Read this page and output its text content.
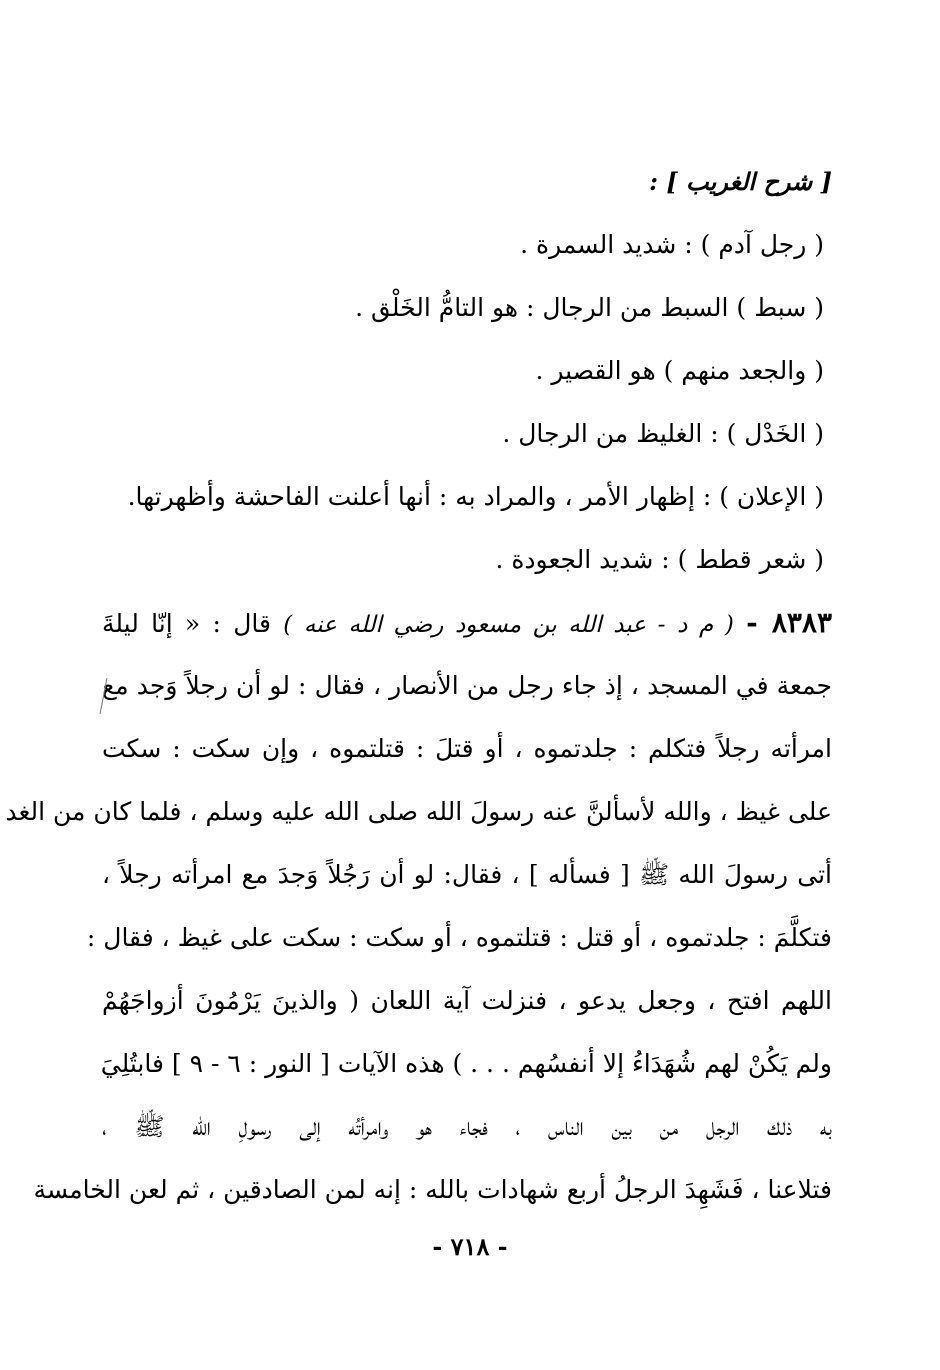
[ شرح الغريب ] :
( رجل آدم ) : شديد السمرة .
( سبط ) السبط من الرجال : هو التامُّ الخَلْق .
( والجعد منهم ) هو القصير .
( الخَدْل ) : الغليظ من الرجال .
( الإعلان ) : إظهار الأمر ، والمراد به : أنها أعلنت الفاحشة وأظهرتها.
( شعر قطط ) : شديد الجعودة .
٨٣٨٣ - ( م د - عبد الله بن مسعود رضي الله عنه ) قال : « إنّا ليلةَ
جمعة في المسجد ، إذ جاء رجل من الأنصار ، فقال : لو أن رجلاً وَجد مع
امرأته رجلاً فتكلم : جلدتموه ، أو قتلَ : قتلتموه ، وإن سكت : سكت
على غيظ ، والله لأسألنَّ عنه رسولَ الله صلى الله عليه وسلم ، فلما كان من الغد
أتى رسولَ الله ﷺ [ فسأله ] ، فقال: لو أن رَجُلاً وَجدَ مع امرأته رجلاً ،
فتكلَّمَ : جلدتموه ، أو قتل : قتلتموه ، أو سكت : سكت على غيظ ، فقال :
اللهم افتح ، وجعل يدعو ، فنزلت آية اللعان ( والذينَ يَرْمُونَ أزواجَهُمْ
ولم يَكُنْ لهم شُهَدَاءُ إلا أنفسُهم . . . ) هذه الآيات [ النور : ٦ - ٩ ] فابتُلِيَ
به ذلك الرجل من بين الناس ، فجاء هو وامرأتُه إلى رسولِ الله ﷺ ،
فتلاعنا ، فَشَهِدَ الرجلُ أربع شهادات بالله : إنه لمن الصادقين ، ثم لعن الخامسة
- ٧١٨ -
